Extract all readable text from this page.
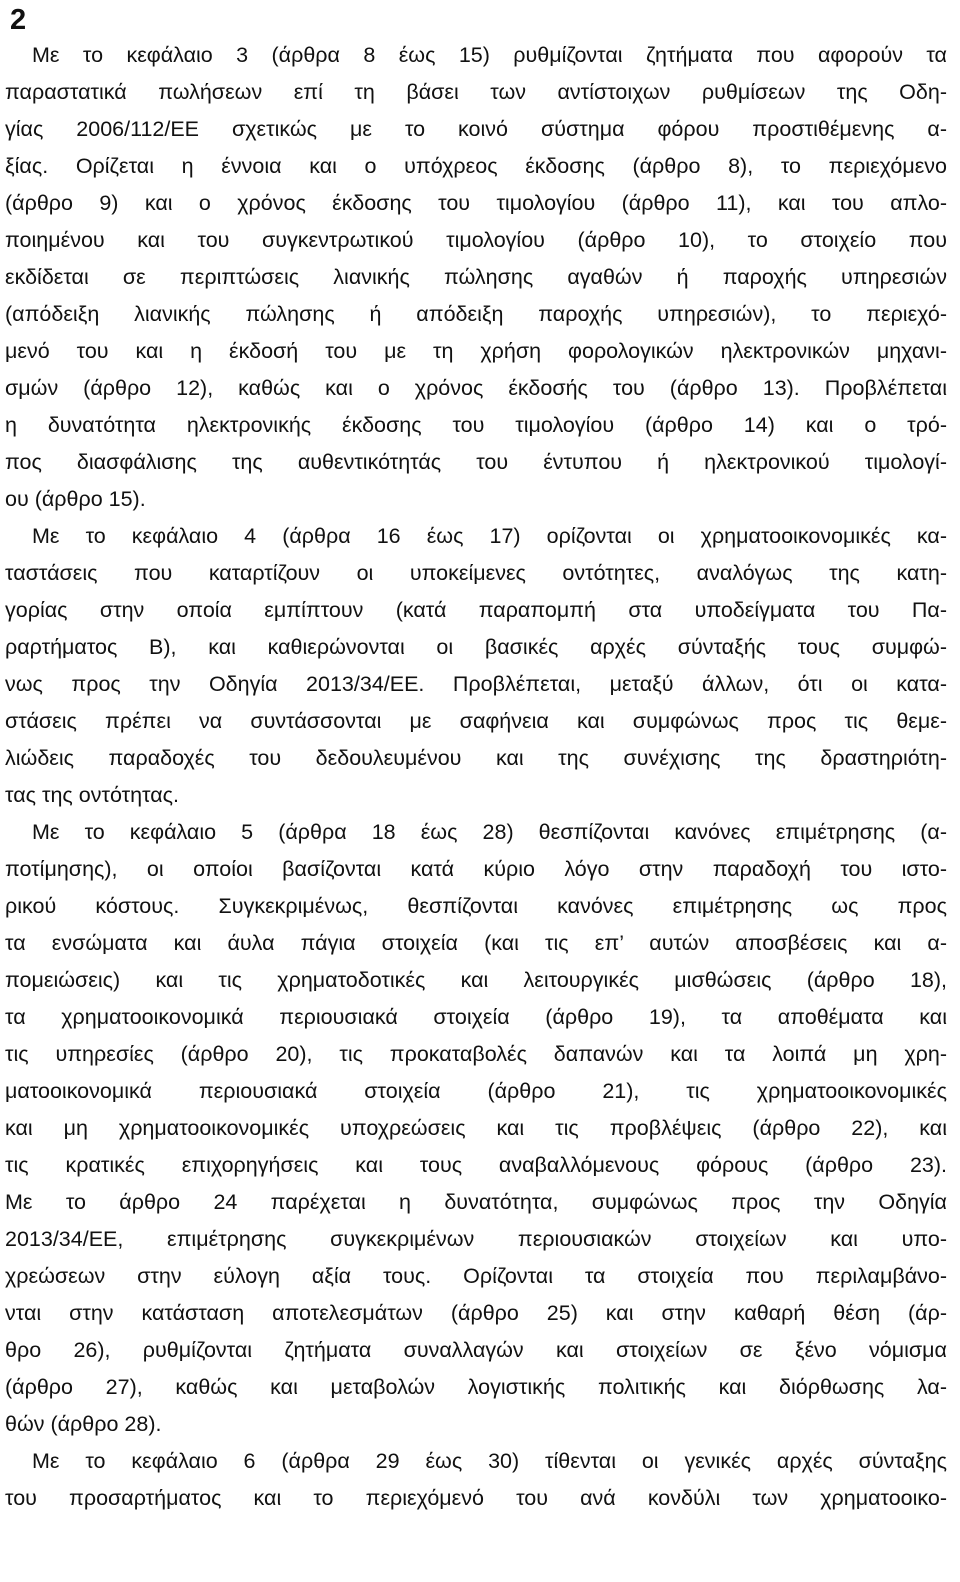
2
Με το κεφάλαιο 3 (άρθρα 8 έως 15) ρυθμίζονται ζητήματα που αφορούν τα
παραστατικά πωλήσεων επί τη βάσει των αντίστοιχων ρυθμίσεων της Οδη-
γίας 2006/112/ΕΕ σχετικώς με το κοινό σύστημα φόρου προστιθέμενης α-
ξίας. Ορίζεται η έννοια και ο υπόχρεος έκδοσης (άρθρο 8), το περιεχόμενο
(άρθρο 9) και ο χρόνος έκδοσης του τιμολογίου (άρθρο 11), και του απλο-
ποιημένου και του συγκεντρωτικού τιμολογίου (άρθρο 10), το στοιχείο που
εκδίδεται σε περιπτώσεις λιανικής πώλησης αγαθών ή παροχής υπηρεσιών
(απόδειξη λιανικής πώλησης ή απόδειξη παροχής υπηρεσιών), το περιεχό-
μενό του και η έκδοσή του με τη χρήση φορολογικών ηλεκτρονικών μηχανι-
σμών (άρθρο 12), καθώς και ο χρόνος έκδοσής του (άρθρο 13). Προβλέπεται
η δυνατότητα ηλεκτρονικής έκδοσης του τιμολογίου (άρθρο 14) και ο τρό-
πος διασφάλισης της αυθεντικότητάς του έντυπου ή ηλεκτρονικού τιμολογί-
ου (άρθρο 15).
Με το κεφάλαιο 4 (άρθρα 16 έως 17) ορίζονται οι χρηματοοικονομικές κα-
ταστάσεις που καταρτίζουν οι υποκείμενες οντότητες, αναλόγως της κατη-
γορίας στην οποία εμπίπτουν (κατά παραπομπή στα υποδείγματα του Πα-
ραρτήματος Β), και καθιερώνονται οι βασικές αρχές σύνταξής τους συμφώ-
νως προς την Οδηγία 2013/34/ΕΕ. Προβλέπεται, μεταξύ άλλων, ότι οι κατα-
στάσεις πρέπει να συντάσσονται με σαφήνεια και συμφώνως προς τις θεμε-
λιώδεις παραδοχές του δεδουλευμένου και της συνέχισης της δραστηριότη-
τας της οντότητας.
Με το κεφάλαιο 5 (άρθρα 18 έως 28) θεσπίζονται κανόνες επιμέτρησης (α-
ποτίμησης), οι οποίοι βασίζονται κατά κύριο λόγο στην παραδοχή του ιστο-
ρικού κόστους. Συγκεκριμένως, θεσπίζονται κανόνες επιμέτρησης ως προς
τα ενσώματα και άυλα πάγια στοιχεία (και τις επ’ αυτών αποσβέσεις και α-
πομειώσεις) και τις χρηματοδοτικές και λειτουργικές μισθώσεις (άρθρο 18),
τα χρηματοοικονομικά περιουσιακά στοιχεία (άρθρο 19), τα αποθέματα και
τις υπηρεσίες (άρθρο 20), τις προκαταβολές δαπανών και τα λοιπά μη χρη-
ματοοικονομικά περιουσιακά στοιχεία (άρθρο 21), τις χρηματοοικονομικές
και μη χρηματοοικονομικές υποχρεώσεις και τις προβλέψεις (άρθρο 22), και
τις κρατικές επιχορηγήσεις και τους αναβαλλόμενους φόρους (άρθρο 23).
Με το άρθρο 24 παρέχεται η δυνατότητα, συμφώνως προς την Οδηγία
2013/34/ΕΕ, επιμέτρησης συγκεκριμένων περιουσιακών στοιχείων και υπο-
χρεώσεων στην εύλογη αξία τους. Ορίζονται τα στοιχεία που περιλαμβάνο-
νται στην κατάσταση αποτελεσμάτων (άρθρο 25) και στην καθαρή θέση (άρ-
θρο 26), ρυθμίζονται ζητήματα συναλλαγών και στοιχείων σε ξένο νόμισμα
(άρθρο 27), καθώς και μεταβολών λογιστικής πολιτικής και διόρθωσης λα-
θών (άρθρο 28).
Με το κεφάλαιο 6 (άρθρα 29 έως 30) τίθενται οι γενικές αρχές σύνταξης
του προσαρτήματος και το περιεχόμενό του ανά κονδύλι των χρηματοοικο-
